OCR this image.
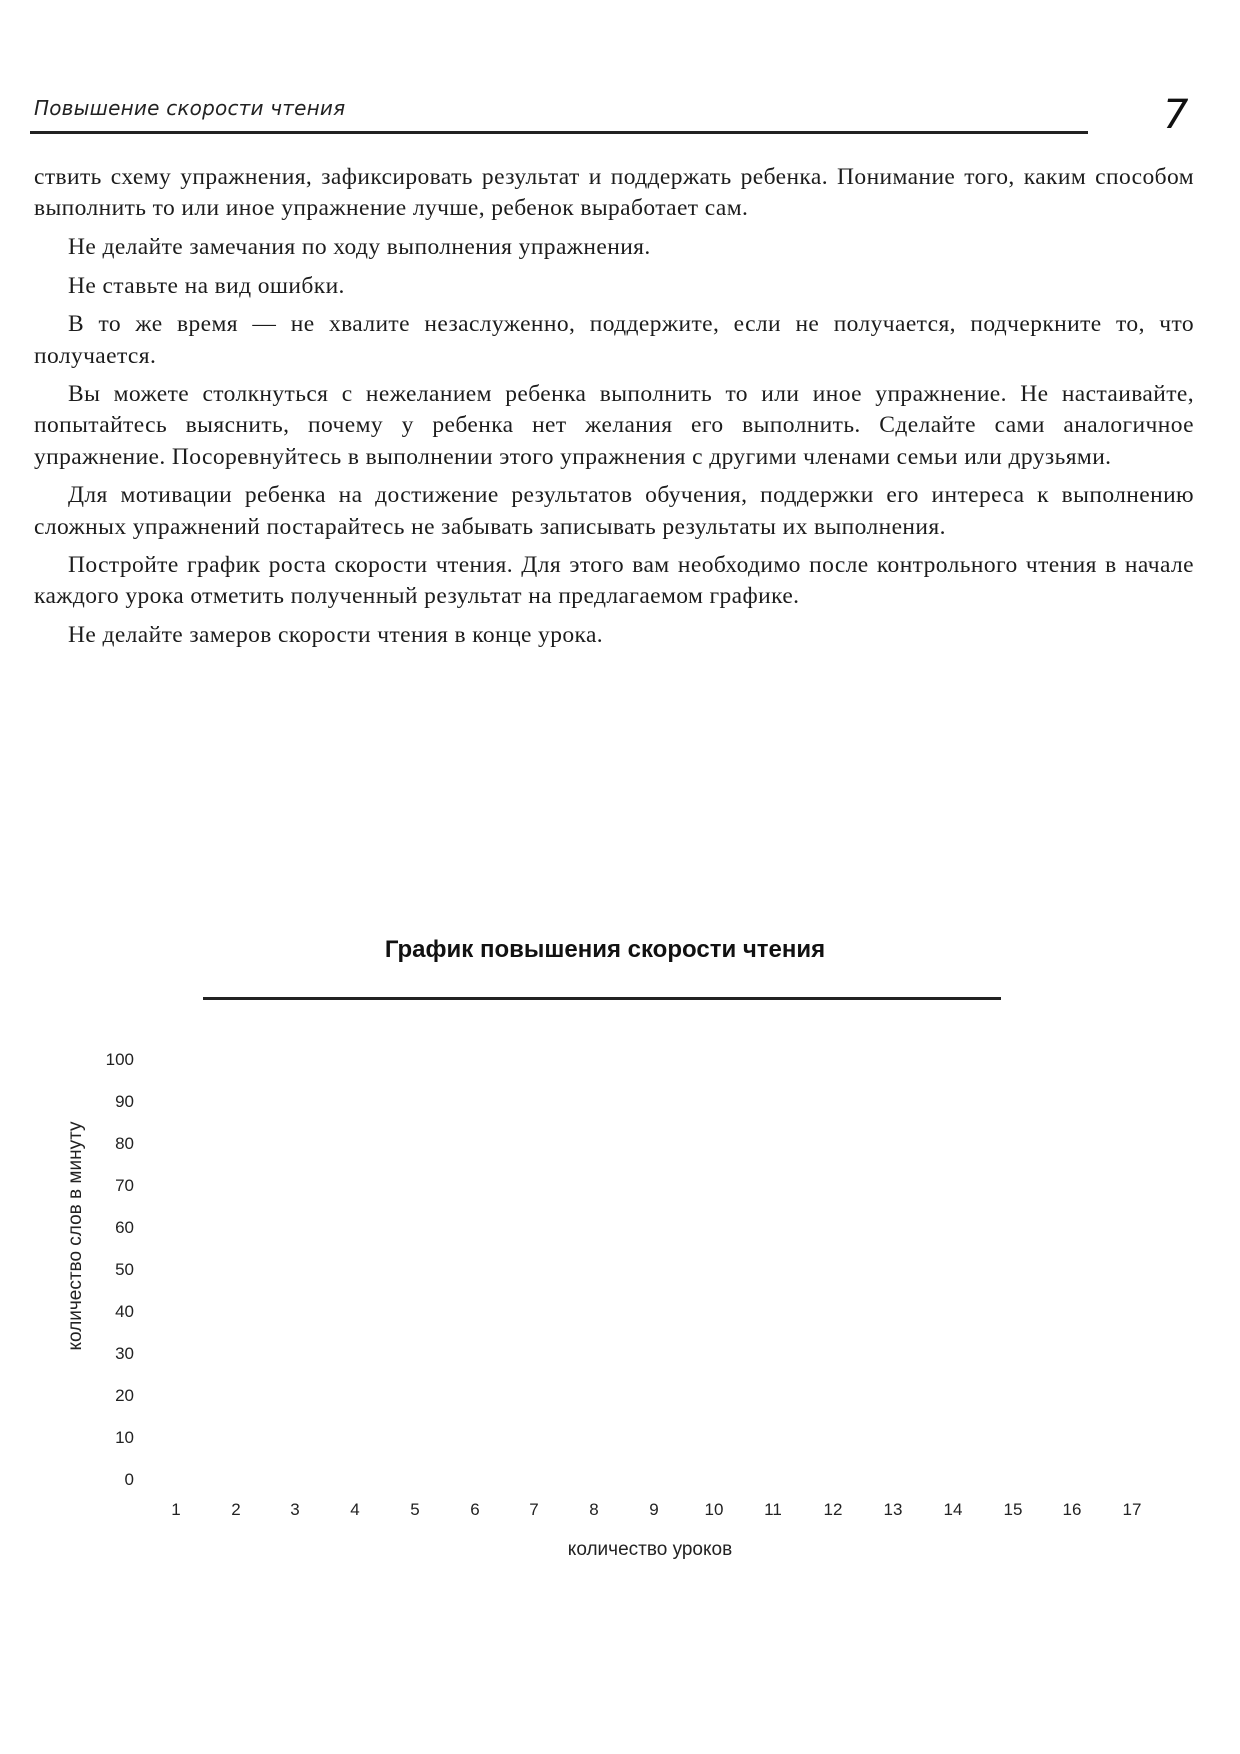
Повышение скорости чтения	7

ствить схему упражнения, зафиксировать результат и поддержать ребенка. Понимание того, каким способом выполнить то или иное упражнение лучше, ребенок выработает сам.

Не делайте замечания по ходу выполнения упражнения.

Не ставьте на вид ошибки.

В то же время — не хвалите незаслуженно, поддержите, если не получается, подчеркните то, что получается.

Вы можете столкнуться с нежеланием ребенка выполнить то или иное упражнение. Не настаивайте, попытайтесь выяснить, почему у ребенка нет желания его выполнить. Сделайте сами аналогичное упражнение. Посоревнуйтесь в выполнении этого упражнения с другими членами семьи или друзьями.

Для мотивации ребенка на достижение результатов обучения, поддержки его интереса к выполнению сложных упражнений постарайтесь не забывать записывать результаты их выполнения.

Постройте график роста скорости чтения. Для этого вам необходимо после контрольного чтения в начале каждого урока отметить полученный результат на предлагаемом графике.

Не делайте замеров скорости чтения в конце урока.

График повышения скорости чтения
количество слов в минуту
100
90
80
70
60
50
40
30
20
10
0
1	2	3	4	5	6	7	8	9	10	11	12	13	14	15	16	17
количество уроков
